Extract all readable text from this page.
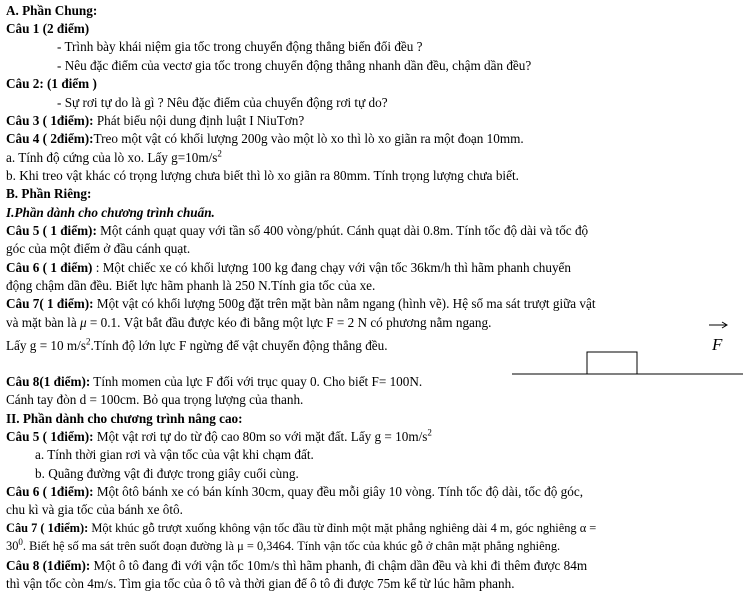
A. Phần Chung:
Câu 1 (2 điểm)
- Trình bày khái niệm gia tốc trong chuyển động thẳng biến đổi đều ?
- Nêu đặc điểm của vectơ gia tốc trong chuyển động thẳng nhanh dần đều, chậm dần đều?
Câu 2: (1 điểm )
- Sự rơi tự do là gì ? Nêu đặc điểm của chuyển động rơi tự do?
Câu 3 ( 1điểm): Phát biểu nội dung định luật I NiuTơn?
Câu 4 ( 2điểm):Treo một vật có khối lượng 200g vào một lò xo thì lò xo giãn ra một đoạn 10mm.
a. Tính độ cứng của lò xo. Lấy $g=10m/s^2$
b. Khi treo vật khác có trọng lượng chưa biết thì lò xo giãn ra 80mm. Tính trọng lượng chưa biết.
B. Phần Riêng:
I.Phần dành cho chương trình chuẩn.
Câu 5 ( 1 điểm): Một cánh quạt quay với tần số 400 vòng/phút. Cánh quạt dài 0.8m. Tính tốc độ dài và tốc độ
góc của một điểm ở đầu cánh quạt.
Câu 6 ( 1 điểm) : Một chiếc xe có khối lượng 100 kg đang chạy với vận tốc 36km/h thì hãm phanh chuyển
động chậm dần đều. Biết lực hãm phanh là 250 N.Tính gia tốc của xe.
Câu 7( 1 điểm): Một vật có khối lượng 500g đặt trên mặt bàn nằm ngang (hình vẽ). Hệ số ma sát trượt giữa vật
và mặt bàn là μ = 0.1. Vật bắt đầu được kéo đi bằng một lực F = 2 N có phương nằm ngang.
Lấy g = 10 $m/s^2.Tính$ độ lớn lực F ngừng để vật chuyển động thẳng đều.	F
Câu 8(1 điểm): Tính momen của lực F đối với trục quay 0. Cho biết F= 100N.
Cánh tay đòn d = 100cm. Bỏ qua trọng lượng của thanh.
II. Phần dành cho chương trình nâng cao:
Câu 5 ( 1điểm): Một vật rơi tự do từ độ cao 80m so với mặt đất. Lấy $g = 10m/s^2$
a. Tính thời gian rơi và vận tốc của vật khi chạm đất.
b. Quãng đường vật đi được trong giây cuối cùng.
Câu 6 ( 1điểm): Một ôtô bánh xe có bán kính 30cm, quay đều mỗi giây 10 vòng. Tính tốc độ dài, tốc độ góc,
chu kì và gia tốc của bánh xe ôtô.
Câu 7 ( 1điểm): Một khúc gỗ trượt xuống không vận tốc đầu từ đỉnh một mặt phẳng nghiêng dài 4 m, góc nghiêng α =
$30^0$. Biết hệ số ma sát trên suốt đoạn đường là μ = 0,3464. Tính vận tốc của khúc gỗ ở chân mặt phẳng nghiêng.
Câu 8 (1điểm): Một ô tô đang đi với vận tốc 10m/s thì hãm phanh, đi chậm dần đều và khi đi thêm được 84m
thì vận tốc còn 4m/s. Tìm gia tốc của ô tô và thời gian để ô tô đi được 75m kể từ lúc hãm phanh.
